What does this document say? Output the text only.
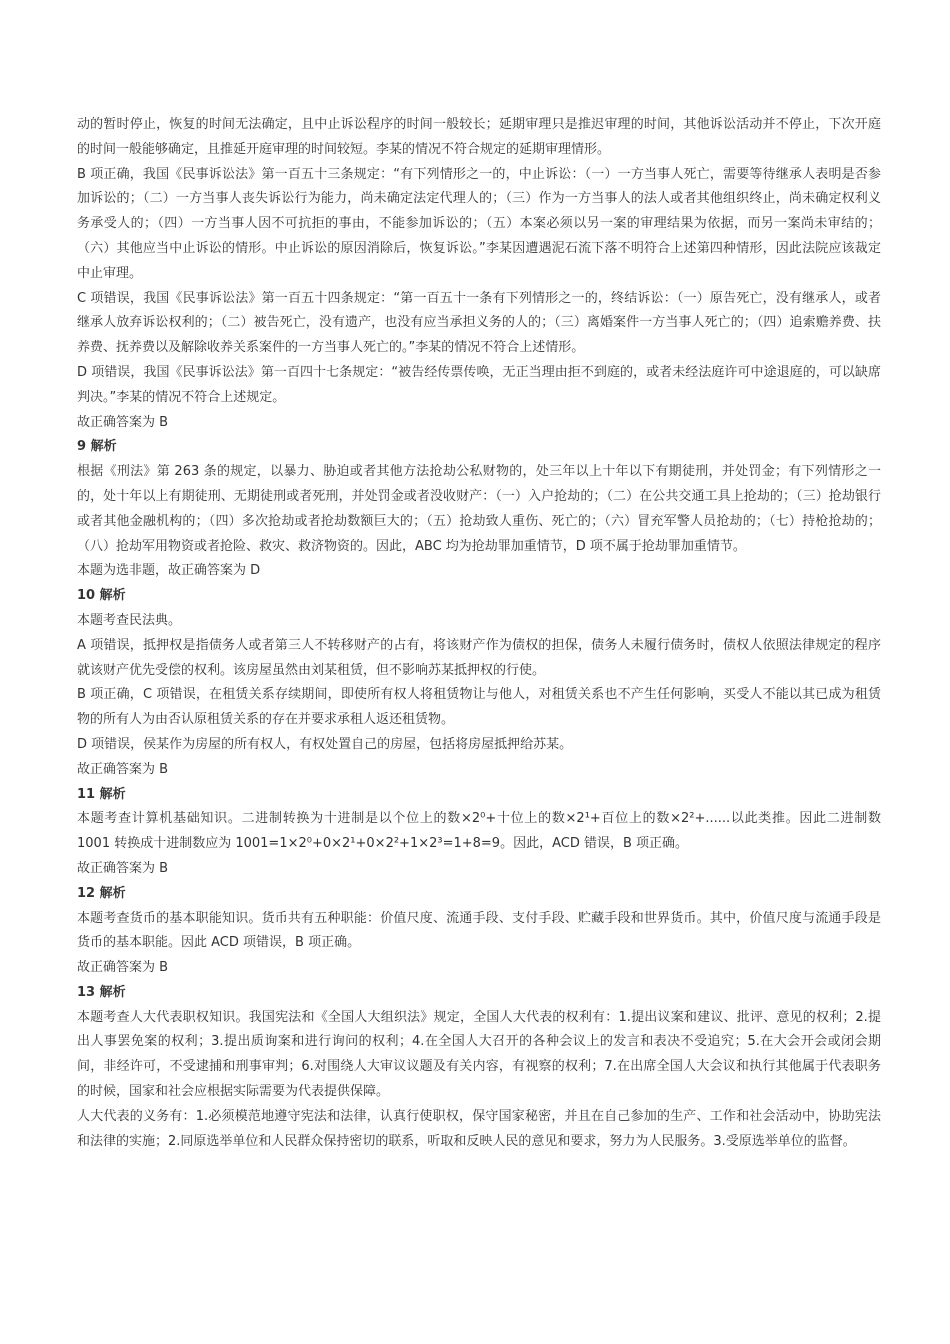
动的暂时停止，恢复的时间无法确定，且中止诉讼程序的时间一般较长；延期审理只是推迟审理的时间，其他诉讼活动并不停止，下次开庭的时间一般能够确定，且推延开庭审理的时间较短。李某的情况不符合规定的延期审理情形。

B 项正确，我国《民事诉讼法》第一百五十三条规定：“有下列情形之一的，中止诉讼：（一）一方当事人死亡，需要等待继承人表明是否参加诉讼的；（二）一方当事人丧失诉讼行为能力，尚未确定法定代理人的；（三）作为一方当事人的法人或者其他组织终止，尚未确定权利义务承受人的；（四）一方当事人因不可抗拒的事由，不能参加诉讼的；（五）本案必须以另一案的审理结果为依据，而另一案尚未审结的；（六）其他应当中止诉讼的情形。中止诉讼的原因消除后，恢复诉讼。”李某因遭遇泥石流下落不明符合上述第四种情形，因此法院应该裁定中止审理。

C 项错误，我国《民事诉讼法》第一百五十四条规定：“第一百五十一条有下列情形之一的，终结诉讼：（一）原告死亡，没有继承人，或者继承人放弃诉讼权利的；（二）被告死亡，没有遗产，也没有应当承担义务的人的；（三）离婚案件一方当事人死亡的；（四）追索赡养费、扶养费、抚养费以及解除收养关系案件的一方当事人死亡的。”李某的情况不符合上述情形。

D 项错误，我国《民事诉讼法》第一百四十七条规定：“被告经传票传唤，无正当理由拒不到庭的，或者未经法庭许可中途退庭的，可以缺席判决。”李某的情况不符合上述规定。

故正确答案为 B

9 解析

根据《刑法》第 263 条的规定，以暴力、胁迫或者其他方法抢劫公私财物的，处三年以上十年以下有期徒刑，并处罚金；有下列情形之一的，处十年以上有期徒刑、无期徒刑或者死刑，并处罚金或者没收财产：（一）入户抢劫的；（二）在公共交通工具上抢劫的；（三）抢劫银行或者其他金融机构的；（四）多次抢劫或者抢劫数额巨大的；（五）抢劫致人重伤、死亡的；（六）冒充军警人员抢劫的；（七）持枪抢劫的；（八）抢劫军用物资或者抢险、救灾、救济物资的。因此，ABC 均为抢劫罪加重情节，D 项不属于抢劫罪加重情节。

本题为选非题，故正确答案为 D

10 解析

本题考查民法典。

A 项错误，抵押权是指债务人或者第三人不转移财产的占有，将该财产作为债权的担保，债务人未履行债务时，债权人依照法律规定的程序就该财产优先受偿的权利。该房屋虽然由刘某租赁，但不影响苏某抵押权的行使。

B 项正确，C 项错误，在租赁关系存续期间，即使所有权人将租赁物让与他人，对租赁关系也不产生任何影响，买受人不能以其已成为租赁物的所有人为由否认原租赁关系的存在并要求承租人返还租赁物。

D 项错误，侯某作为房屋的所有权人，有权处置自己的房屋，包括将房屋抵押给苏某。

故正确答案为 B

11 解析

本题考查计算机基础知识。二进制转换为十进制是以个位上的数×2⁰+十位上的数×2¹+百位上的数×2²+......以此类推。因此二进制数 1001 转换成十进制数应为 1001=1×2⁰+0×2¹+0×2²+1×2³=1+8=9。因此，ACD 错误，B 项正确。

故正确答案为 B

12 解析

本题考查货币的基本职能知识。货币共有五种职能：价值尺度、流通手段、支付手段、贮藏手段和世界货币。其中，价值尺度与流通手段是货币的基本职能。因此 ACD 项错误，B 项正确。

故正确答案为 B

13 解析

本题考查人大代表职权知识。我国宪法和《全国人大组织法》规定，全国人大代表的权利有：1.提出议案和建议、批评、意见的权利；2.提出人事罢免案的权利；3.提出质询案和进行询问的权利；4.在全国人大召开的各种会议上的发言和表决不受追究；5.在大会开会或闭会期间，非经许可，不受逮捕和刑事审判；6.对围绕人大审议议题及有关内容，有视察的权利；7.在出席全国人大会议和执行其他属于代表职务的时候，国家和社会应根据实际需要为代表提供保障。

人大代表的义务有：1.必须模范地遵守宪法和法律，认真行使职权，保守国家秘密，并且在自己参加的生产、工作和社会活动中，协助宪法和法律的实施；2.同原选举单位和人民群众保持密切的联系，听取和反映人民的意见和要求，努力为人民服务。3.受原选举单位的监督。
